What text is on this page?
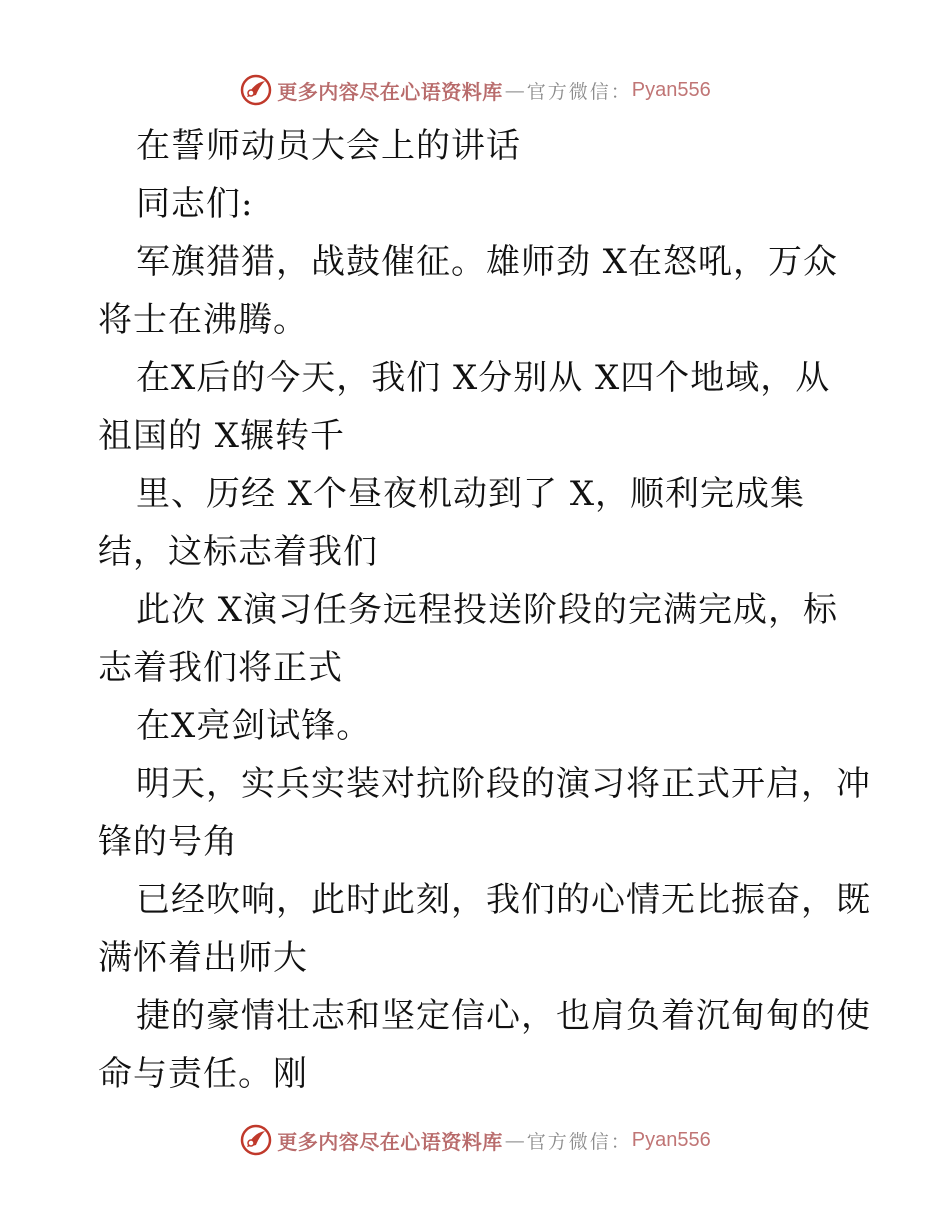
更多内容尽在心语资料库 — 官方微信： Pyan556
在誓师动员大会上的讲话
同志们:
军旗猎猎，战鼓催征。雄师劲 X在怒吼，万众
将士在沸腾。
在X后的今天，我们 X分别从 X四个地域，从
祖国的 X辗转千
里、历经 X个昼夜机动到了 X，顺利完成集
结，这标志着我们
此次 X演习任务远程投送阶段的完满完成，标
志着我们将正式
在X亮剑试锋。
明天，实兵实装对抗阶段的演习将正式开启，冲
锋的号角
已经吹响，此时此刻，我们的心情无比振奋，既
满怀着出师大
捷的豪情壮志和坚定信心，也肩负着沉甸甸的使
命与责任。刚
更多内容尽在心语资料库 — 官方微信： Pyan556
